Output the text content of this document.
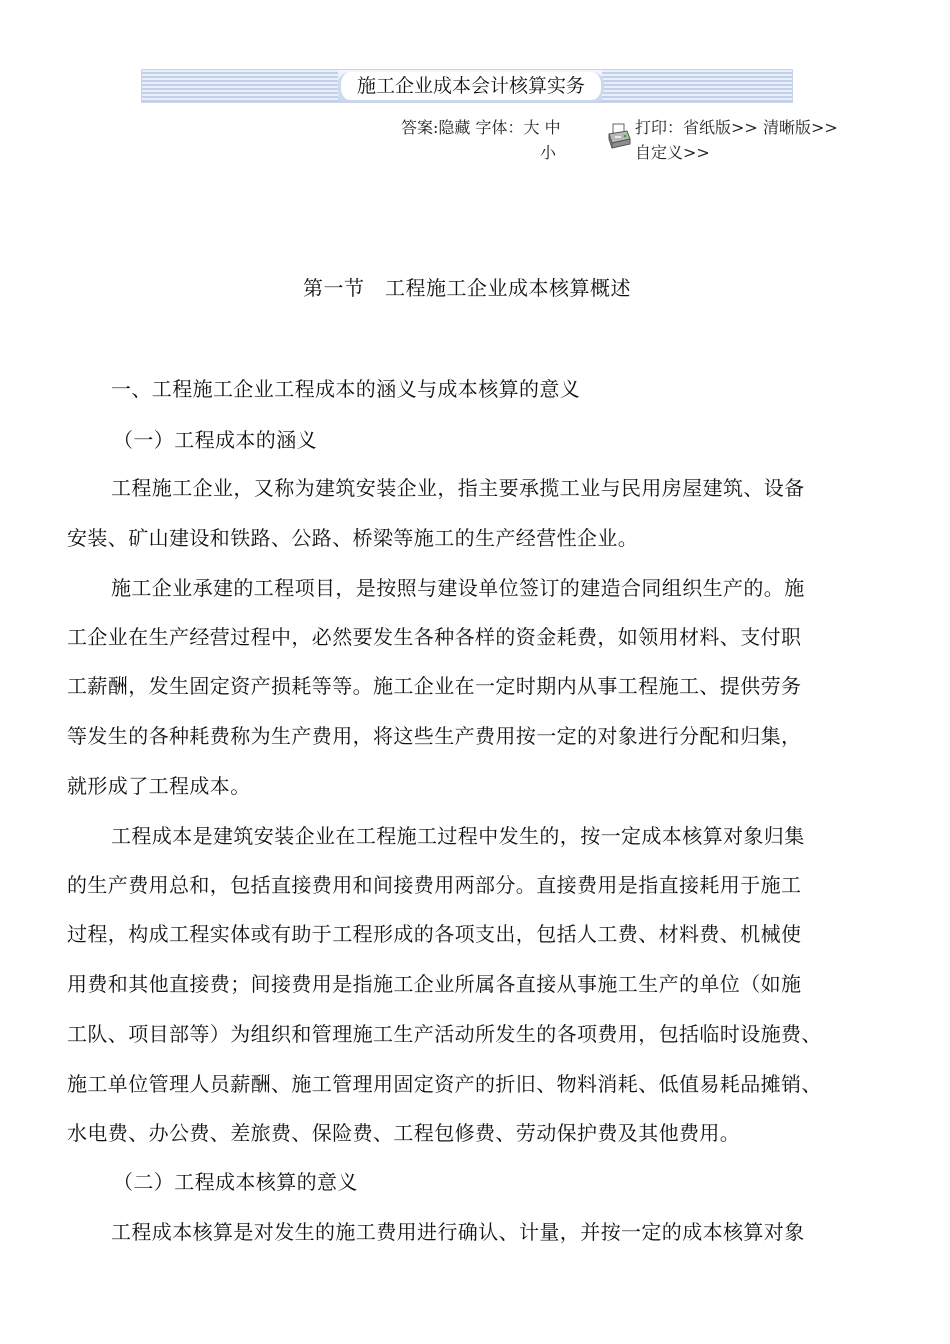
施工企业成本会计核算实务
答案:隐藏 字体：大 中
小
打印：省纸版>> 清晰版>>
自定义>>
第一节　工程施工企业成本核算概述
一、工程施工企业工程成本的涵义与成本核算的意义
（一）工程成本的涵义
工程施工企业，又称为建筑安装企业，指主要承揽工业与民用房屋建筑、设备
安装、矿山建设和铁路、公路、桥梁等施工的生产经营性企业。
施工企业承建的工程项目，是按照与建设单位签订的建造合同组织生产的。施
工企业在生产经营过程中，必然要发生各种各样的资金耗费，如领用材料、支付职
工薪酬，发生固定资产损耗等等。施工企业在一定时期内从事工程施工、提供劳务
等发生的各种耗费称为生产费用，将这些生产费用按一定的对象进行分配和归集，
就形成了工程成本。
工程成本是建筑安装企业在工程施工过程中发生的，按一定成本核算对象归集
的生产费用总和，包括直接费用和间接费用两部分。直接费用是指直接耗用于施工
过程，构成工程实体或有助于工程形成的各项支出，包括人工费、材料费、机械使
用费和其他直接费；间接费用是指施工企业所属各直接从事施工生产的单位（如施
工队、项目部等）为组织和管理施工生产活动所发生的各项费用，包括临时设施费、
施工单位管理人员薪酬、施工管理用固定资产的折旧、物料消耗、低值易耗品摊销、
水电费、办公费、差旅费、保险费、工程包修费、劳动保护费及其他费用。
（二）工程成本核算的意义
工程成本核算是对发生的施工费用进行确认、计量，并按一定的成本核算对象
